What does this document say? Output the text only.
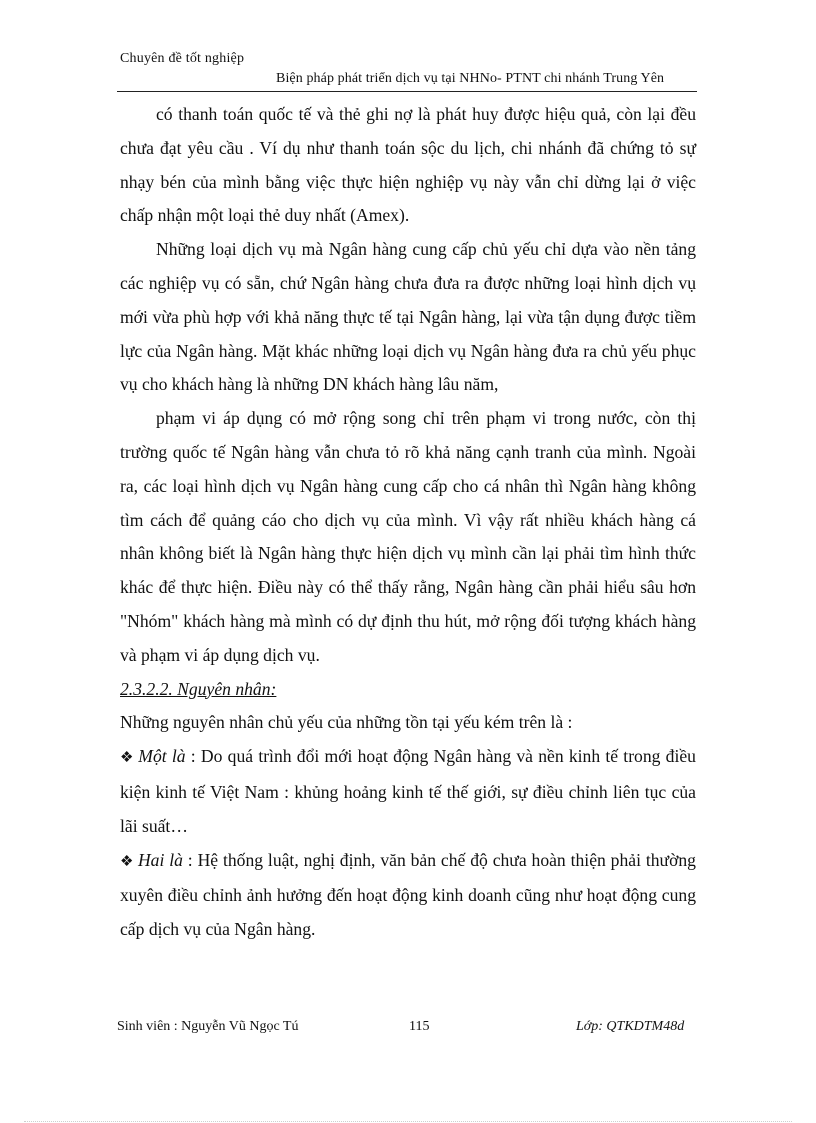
Chuyên đề tốt nghiệp
Biện pháp phát triển dịch vụ tại NHNo- PTNT chi nhánh Trung Yên

có thanh toán quốc tế và thẻ ghi nợ là phát huy được hiệu quả, còn lại đều chưa đạt yêu cầu . Ví dụ như thanh toán sộc du lịch, chi nhánh đã chứng tỏ sự nhạy bén của mình bằng việc thực hiện nghiệp vụ này vẫn chỉ dừng lại ở việc chấp nhận một loại thẻ duy nhất (Amex).

Những loại dịch vụ mà Ngân hàng cung cấp chủ yếu chỉ dựa vào nền tảng các nghiệp vụ có sẵn, chứ Ngân hàng chưa đưa ra được những loại hình dịch vụ mới vừa phù hợp với khả năng thực tế tại Ngân hàng, lại vừa tận dụng được tiềm lực của Ngân hàng. Mặt khác những loại dịch vụ Ngân hàng đưa ra chủ yếu phục vụ cho khách hàng là những DN khách hàng lâu năm,

phạm vi áp dụng có mở rộng song chỉ trên phạm vi trong nước, còn thị trường quốc tế Ngân hàng vẫn chưa tỏ rõ khả năng cạnh tranh của mình. Ngoài ra, các loại hình dịch vụ Ngân hàng cung cấp cho cá nhân thì Ngân hàng không tìm cách để quảng cáo cho dịch vụ của mình. Vì vậy rất nhiều khách hàng cá nhân không biết là Ngân hàng thực hiện dịch vụ mình cần lại phải tìm hình thức khác để thực hiện. Điều này có thể thấy rằng, Ngân hàng cần phải hiểu sâu hơn "Nhóm" khách hàng mà mình có dự định thu hút, mở rộng đối tượng khách hàng và phạm vi áp dụng dịch vụ.

2.3.2.2. Nguyên nhân:

Những nguyên nhân chủ yếu của những tồn tại yếu kém trên là :

❖ Một là : Do quá trình đổi mới hoạt động Ngân hàng và nền kinh tế trong điều kiện kinh tế Việt Nam : khủng hoảng kinh tế thế giới, sự điều chỉnh liên tục của lãi suất…

❖ Hai là : Hệ thống luật, nghị định, văn bản chế độ chưa hoàn thiện phải thường xuyên điều chỉnh ảnh hưởng đến hoạt động kinh doanh cũng như hoạt động cung cấp dịch vụ của Ngân hàng.

Sinh viên : Nguyễn Vũ Ngọc Tú	115	Lớp: QTKDTM48d
